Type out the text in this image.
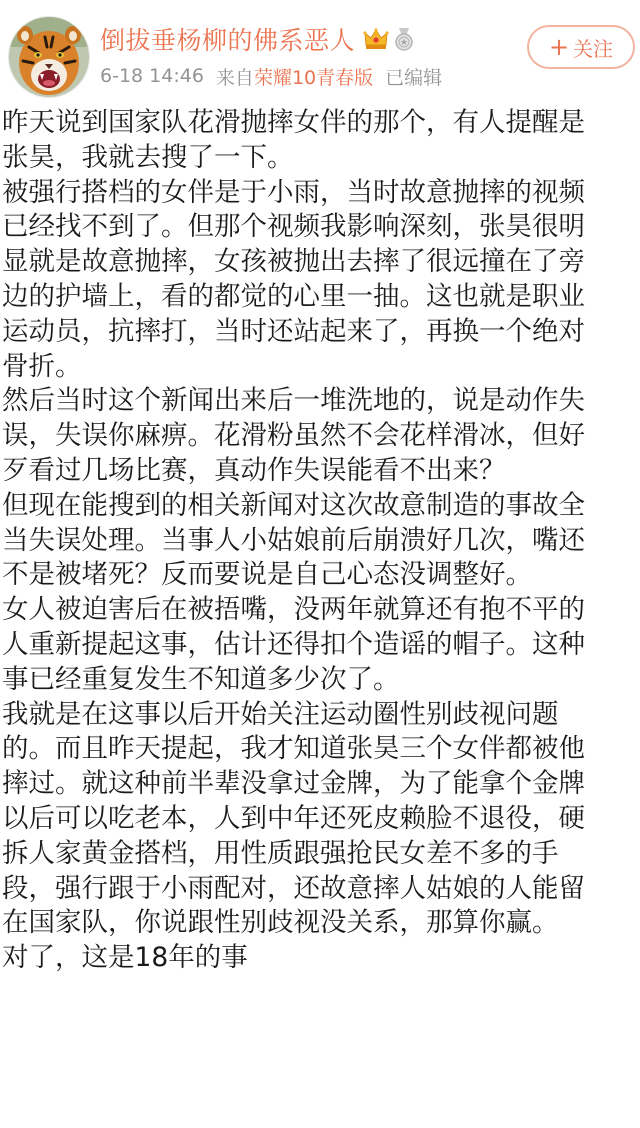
倒拔垂杨柳的佛系恶人
6-18 14:46 来自 荣耀10青春版 已编辑
+ 关注

昨天说到国家队花滑抛摔女伴的那个，有人提醒是

张昊，我就去搜了一下。

被强行搭档的女伴是于小雨，当时故意抛摔的视频

已经找不到了。但那个视频我影响深刻，张昊很明

显就是故意抛摔，女孩被抛出去摔了很远撞在了旁

边的护墙上，看的都觉的心里一抽。这也就是职业

运动员，抗摔打，当时还站起来了，再换一个绝对

骨折。

然后当时这个新闻出来后一堆洗地的，说是动作失

误，失误你麻痹。花滑粉虽然不会花样滑冰，但好

歹看过几场比赛，真动作失误能看不出来？

但现在能搜到的相关新闻对这次故意制造的事故全

当失误处理。当事人小姑娘前后崩溃好几次，嘴还

不是被堵死？反而要说是自己心态没调整好。

女人被迫害后在被捂嘴，没两年就算还有抱不平的

人重新提起这事，估计还得扣个造谣的帽子。这种

事已经重复发生不知道多少次了。

我就是在这事以后开始关注运动圈性别歧视问题

的。而且昨天提起，我才知道张昊三个女伴都被他

摔过。就这种前半辈没拿过金牌，为了能拿个金牌

以后可以吃老本，人到中年还死皮赖脸不退役，硬

拆人家黄金搭档，用性质跟强抢民女差不多的手

段，强行跟于小雨配对，还故意摔人姑娘的人能留

在国家队，你说跟性别歧视没关系，那算你赢。

对了，这是18年的事
